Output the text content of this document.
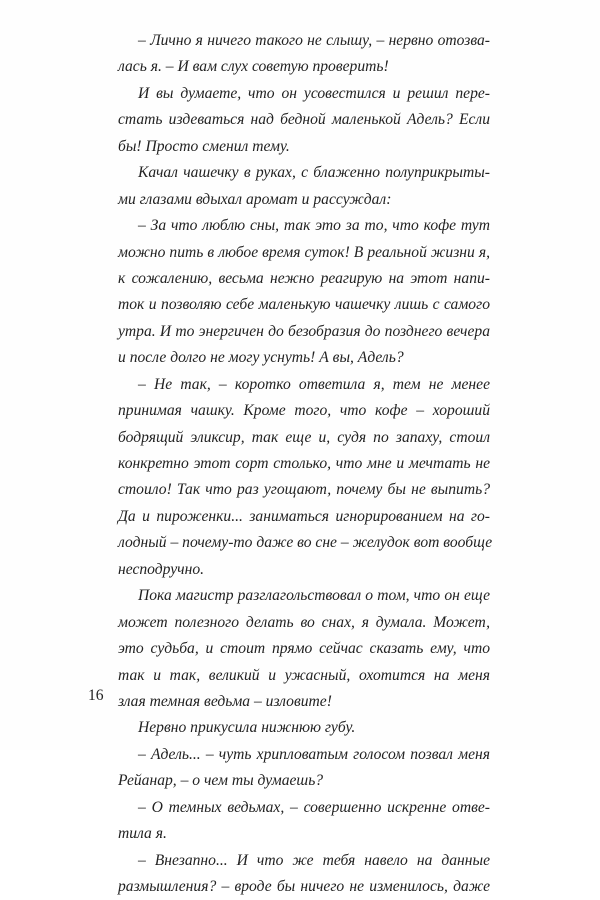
– Лично я ничего такого не слышу, – нервно отозва-
лась я. – И вам слух советую проверить!
И вы думаете, что он усовестился и решил пере-
стать издеваться над бедной маленькой Адель? Если
бы! Просто сменил тему.
Качал чашечку в руках, с блаженно полуприкрыты-
ми глазами вдыхал аромат и рассуждал:
– За что люблю сны, так это за то, что кофе тут
можно пить в любое время суток! В реальной жизни я,
к сожалению, весьма нежно реагирую на этот напи-
ток и позволяю себе маленькую чашечку лишь с самого
утра. И то энергичен до безобразия до позднего вечера
и после долго не могу уснуть! А вы, Адель?
– Не так, – коротко ответила я, тем не менее
принимая чашку. Кроме того, что кофе – хороший
бодрящий эликсир, так еще и, судя по запаху, стоил
конкретно этот сорт столько, что мне и мечтать не
стоило! Так что раз угощают, почему бы не выпить?
Да и пироженки... заниматься игнорированием на го-
лодный – почему-то даже во сне – желудок вот вообще
несподручно.
Пока магистр разглагольствовал о том, что он еще
может полезного делать во снах, я думала. Может,
это судьба, и стоит прямо сейчас сказать ему, что
так и так, великий и ужасный, охотится на меня
злая темная ведьма – изловите!
Нервно прикусила нижнюю губу.
– Адель... – чуть хрипловатым голосом позвал меня
Рейанар, – о чем ты думаешь?
– О темных ведьмах, – совершенно искренне отве-
тила я.
– Внезапно... И что же тебя навело на данные
размышления? – вроде бы ничего не изменилось, даже
16
